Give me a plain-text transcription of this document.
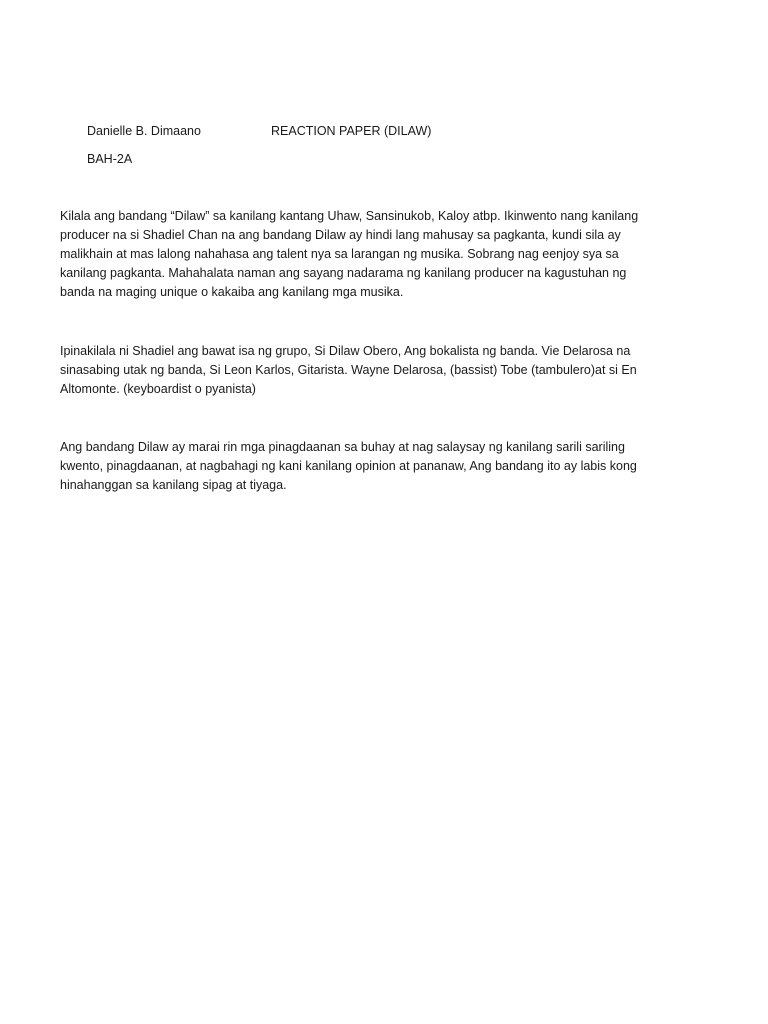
Danielle B. Dimaano	REACTION PAPER (DILAW)
BAH-2A

Kilala ang bandang “Dilaw” sa kanilang kantang Uhaw, Sansinukob, Kaloy atbp. Ikinwento nang kanilang producer na si Shadiel Chan na ang bandang Dilaw ay hindi lang mahusay sa pagkanta, kundi sila ay malikhain at mas lalong nahahasa ang talent nya sa larangan ng musika. Sobrang nag eenjoy sya sa kanilang pagkanta. Mahahalata naman ang sayang nadarama ng kanilang producer na kagustuhan ng banda na maging unique o kakaiba ang kanilang mga musika.

Ipinakilala ni Shadiel ang bawat isa ng grupo, Si Dilaw Obero, Ang bokalista ng banda. Vie Delarosa na sinasabing utak ng banda, Si Leon Karlos, Gitarista. Wayne Delarosa, (bassist) Tobe (tambulero)at si En Altomonte. (keyboardist o pyanista)

Ang bandang Dilaw ay marai rin mga pinagdaanan sa buhay at nag salaysay ng kanilang sarili sariling kwento, pinagdaanan, at nagbahagi ng kani kanilang opinion at pananaw, Ang bandang ito ay labis kong hinahanggan sa kanilang sipag at tiyaga.
